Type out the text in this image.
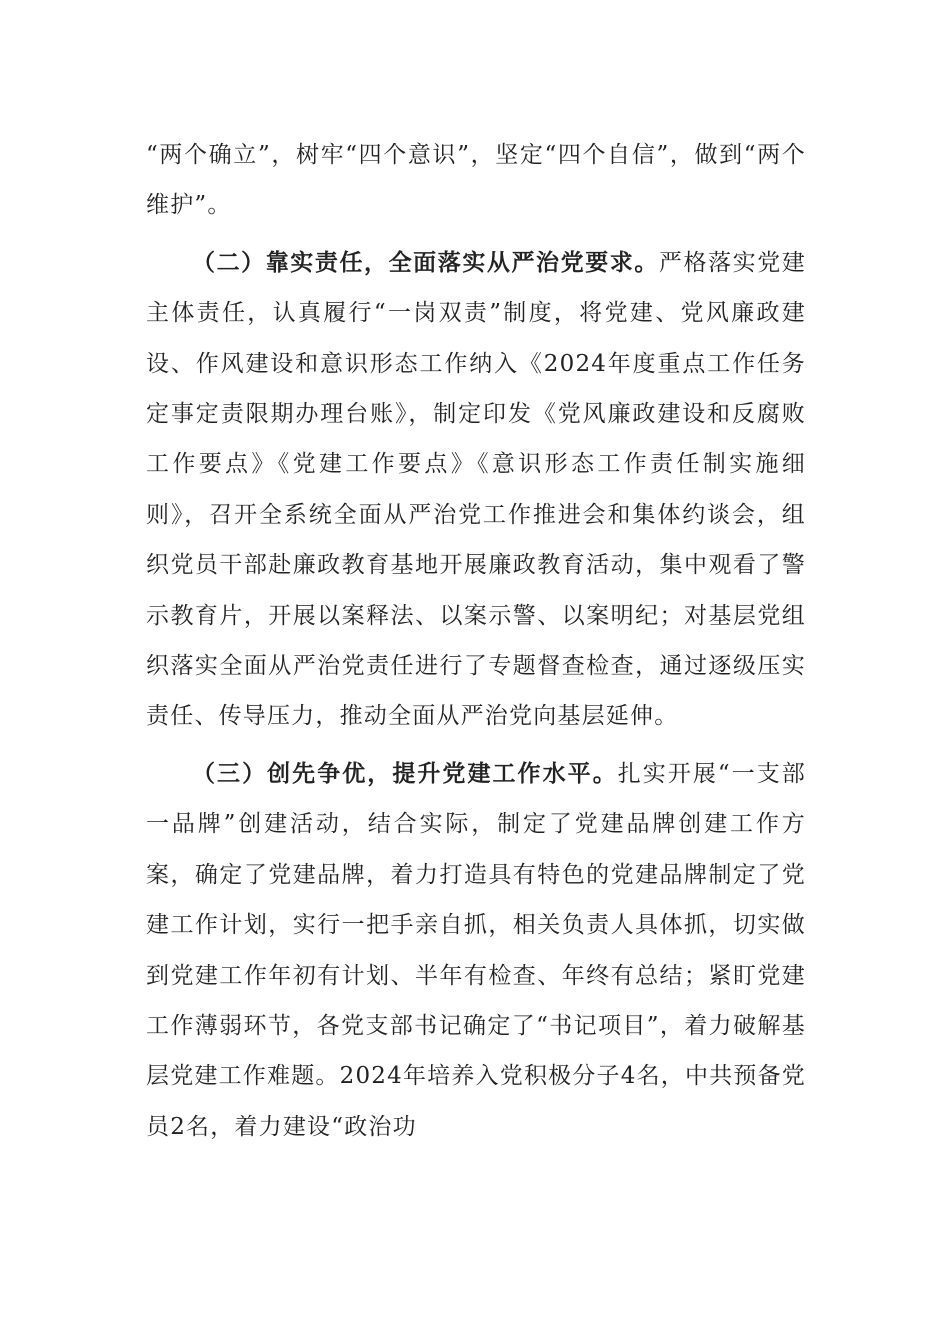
“两个确立”，树牢“四个意识”，坚定“四个自信”，做到“两个维护”。

（二）靠实责任，全面落实从严治党要求。严格落实党建主体责任，认真履行“一岗双责”制度，将党建、党风廉政建设、作风建设和意识形态工作纳入《2024年度重点工作任务定事定责限期办理台账》，制定印发《党风廉政建设和反腐败工作要点》《党建工作要点》《意识形态工作责任制实施细则》，召开全系统全面从严治党工作推进会和集体约谈会，组织党员干部赴廉政教育基地开展廉政教育活动，集中观看了警示教育片，开展以案释法、以案示警、以案明纪；对基层党组织落实全面从严治党责任进行了专题督查检查，通过逐级压实责任、传导压力，推动全面从严治党向基层延伸。

（三）创先争优，提升党建工作水平。扎实开展“一支部一品牌”创建活动，结合实际，制定了党建品牌创建工作方案，确定了党建品牌，着力打造具有特色的党建品牌制定了党建工作计划，实行一把手亲自抓，相关负责人具体抓，切实做到党建工作年初有计划、半年有检查、年终有总结；紧盯党建工作薄弱环节，各党支部书记确定了“书记项目”，着力破解基层党建工作难题。2024年培养入党积极分子4名，中共预备党员2名，着力建设“政治功
